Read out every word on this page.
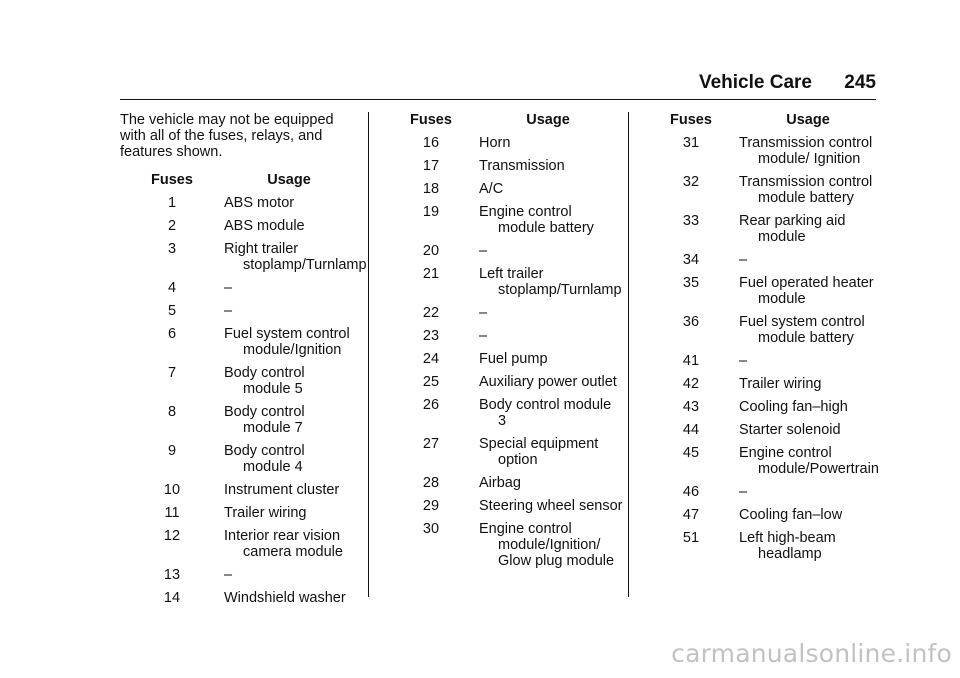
Vehicle Care 245

The vehicle may not be equipped with all of the fuses, relays, and features shown.

Fuses	Usage
1	ABS motor
2	ABS module
3	Right trailer stoplamp/Turnlamp
4	–
5	–
6	Fuel system control module/Ignition
7	Body control module 5
8	Body control module 7
9	Body control module 4
10	Instrument cluster
11	Trailer wiring
12	Interior rear vision camera module
13	–
14	Windshield washer
Fuses	Usage
16	Horn
17	Transmission
18	A/C
19	Engine control module battery
20	–
21	Left trailer stoplamp/Turnlamp
22	–
23	–
24	Fuel pump
25	Auxiliary power outlet
26	Body control module 3
27	Special equipment option
28	Airbag
29	Steering wheel sensor
30	Engine control module/Ignition/ Glow plug module
Fuses	Usage
31	Transmission control module/ Ignition
32	Transmission control module battery
33	Rear parking aid module
34	–
35	Fuel operated heater module
36	Fuel system control module battery
41	–
42	Trailer wiring
43	Cooling fan–high
44	Starter solenoid
45	Engine control module/Powertrain
46	–
47	Cooling fan–low
51	Left high-beam headlamp
carmanualsonline.info
